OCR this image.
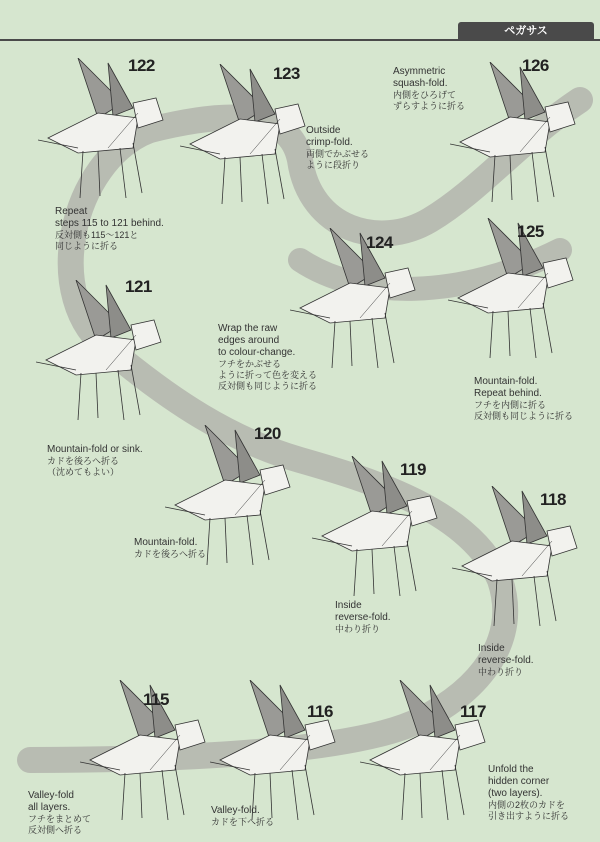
ペガサス
122
Repeat
steps 115 to 121 behind.
反対側も115～121と
同じように折る
123
Outside
crimp-fold.
両側でかぶせる
ように段折り
126
Asymmetric
squash-fold.
内側をひろげて
ずらすように折る
124
Wrap the raw
edges around
to colour-change.
フチをかぶせる
ように折って色を変える
反対側も同じように折る
125
Mountain-fold.
Repeat behind.
フチを内側に折る
反対側も同じように折る
121
Mountain-fold or sink.
カドを後ろへ折る
（沈めてもよい）
120
Mountain-fold.
カドを後ろへ折る
119
Inside
reverse-fold.
中わり折り
118
Inside
reverse-fold.
中わり折り
115
Valley-fold
all layers.
フチをまとめて
反対側へ折る
116
Valley-fold.
カドを下へ折る
117
Unfold the
hidden corner
(two layers).
内側の2枚のカドを
引き出すように折る
